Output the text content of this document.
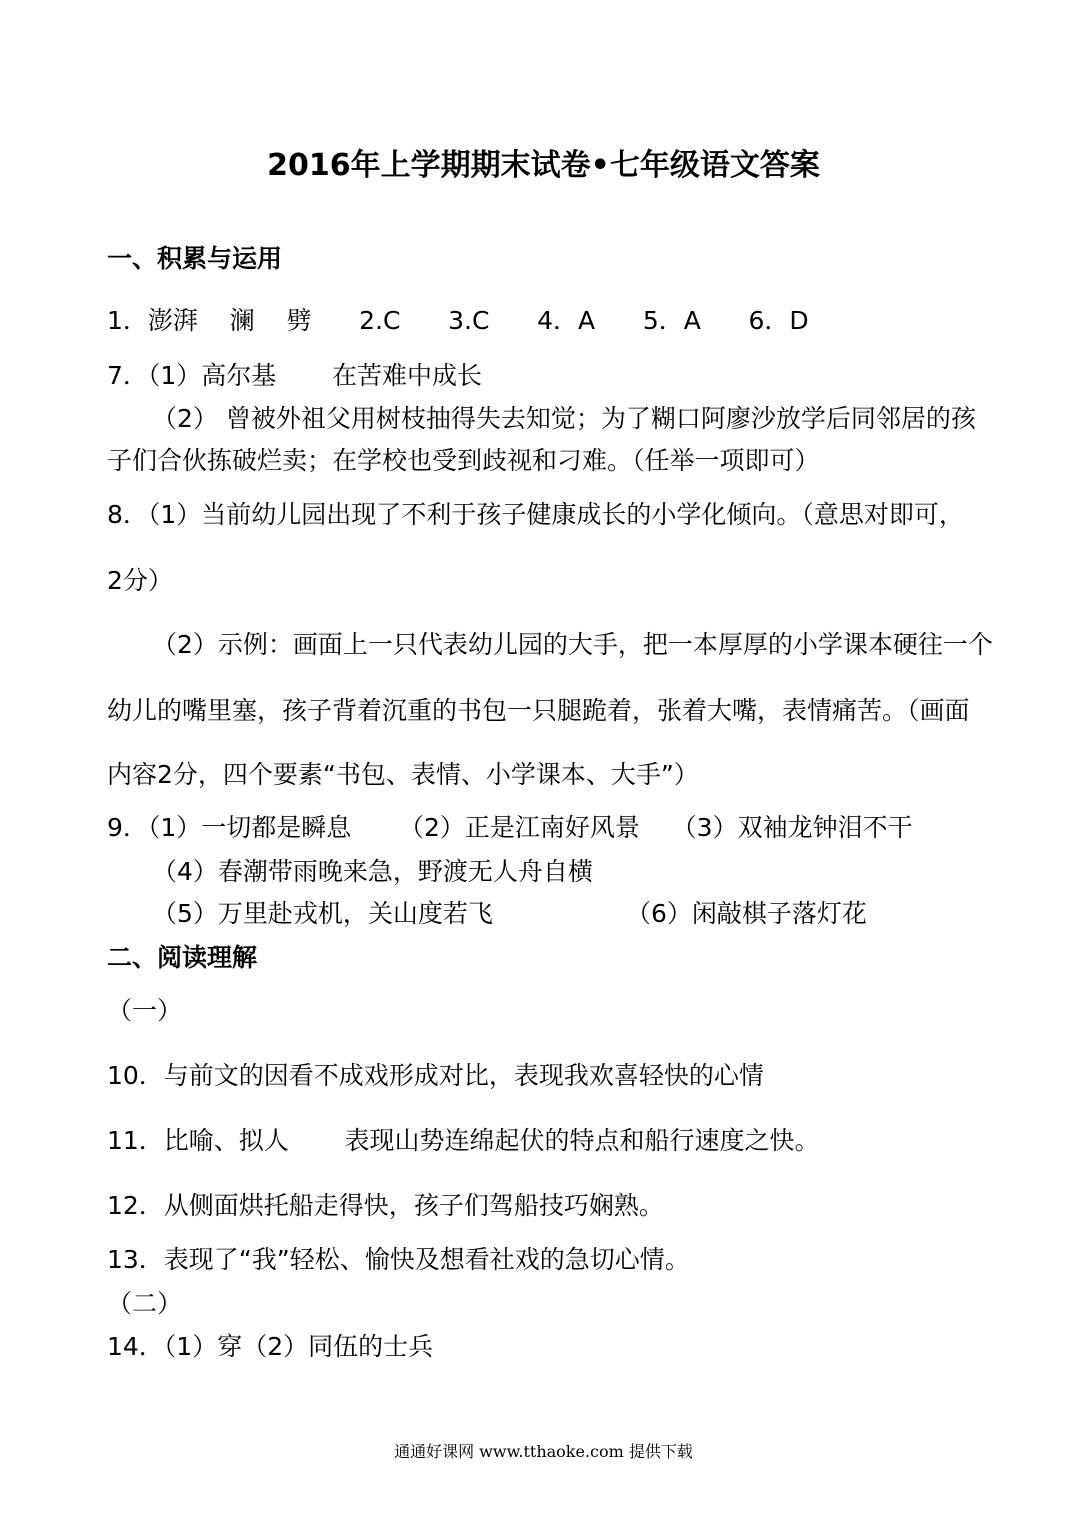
2016年上学期期末试卷•七年级语文答案
一、积累与运用
1．澎湃    澜    劈      2.C      3.C      4．A      5．A      6．D
7．（1）高尔基       在苦难中成长
（2） 曾被外祖父用树枝抽得失去知觉；为了糊口阿廖沙放学后同邻居的孩
子们合伙拣破烂卖；在学校也受到歧视和刁难。（任举一项即可）
8．（1）当前幼儿园出现了不利于孩子健康成长的小学化倾向。（意思对即可，
2分）
（2）示例：画面上一只代表幼儿园的大手，把一本厚厚的小学课本硬往一个
幼儿的嘴里塞，孩子背着沉重的书包一只腿跪着，张着大嘴，表情痛苦。（画面
内容2分，四个要素“书包、表情、小学课本、大手”）
9．（1）一切都是瞬息      （2）正是江南好风景    （3）双袖龙钟泪不干
（4）春潮带雨晚来急，野渡无人舟自横
（5）万里赴戎机，关山度若飞	（6）闲敲棋子落灯花
二、阅读理解
（一）
10．与前文的因看不成戏形成对比，表现我欢喜轻快的心情
11．比喻、拟人       表现山势连绵起伏的特点和船行速度之快。
12．从侧面烘托船走得快，孩子们驾船技巧娴熟。
13．表现了“我”轻松、愉快及想看社戏的急切心情。
（二）
14．（1）穿（2）同伍的士兵
通通好课网 www.tthaoke.com 提供下载
